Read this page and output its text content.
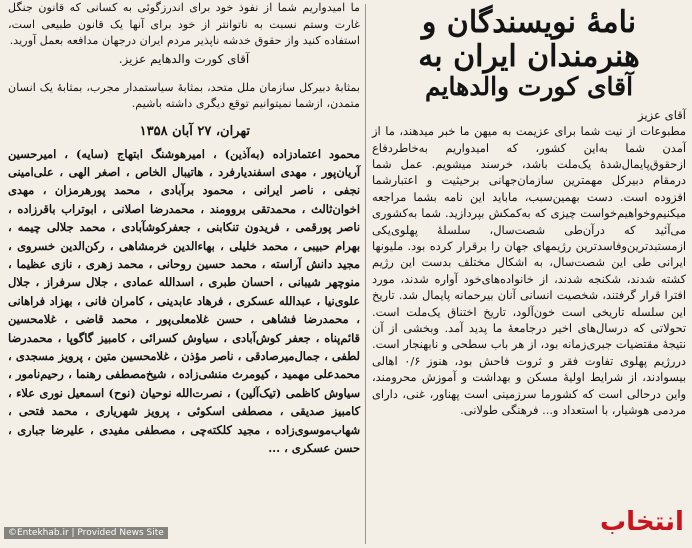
ما امیدواریم شما از نفوذ خود برای اندرزگوئی به کسانی که قانون جنگل غارت وستم نسبت به ناتوانتر از خود برای آنها یک قانون طبیعی است، استفاده کنید واز حقوق خدشه ناپذیر مردم ایران درجهان مدافعه بعمل آورید.

آقای کورت والدهایم عزیز.

بمثابهٔ دبیرکل سازمان ملل متحد، بمثابهٔ سیاستمدار مجرب، بمثابهٔ یک انسان متمدن، ازشما نمیتوانیم توقع دیگری داشته باشیم.

تهران، ۲۷ آبان ۱۳۵۸

محمود اعتمادزاده (به‌آذین) ، امیرهوشنگ ابتهاج (سایه) ، امیرحسین آریان‌پور ، مهدی اسفندیارفرد ، هاتیبال الخاص ، اصغر الهی ، علی‌امینی نجفی ، ناصر ایرانی ، محمود برآبادی ، محمد پورهرمزان ، مهدی اخوان‌ثالث ، محمدتقی بروومند ، محمدرضا اصلانی ، ابوتراب باقرزاده ، ناصر پورقمی ، فریدون تنکابنی ، جعفرکوشآبادی ، محمد جلالی چیمه ، بهرام حبیبی ، محمد خلیلی ، بهاءالدین خرمشاهی ، رکن‌الدین خسروی ، مجید دانش آراسته ، محمد حسین روحانی ، محمد زهری ، نازی عظیما ، منوچهر شیبانی ، احسان طبری ، اسدالله عمادی ، جلال سرفراز ، جلال علوی‌نیا ، عبدالله عسکری ، فرهاد عابدینی ، کامران فانی ، بهزاد فراهانی ، محمدرضا فشاهی ، حسن غلامعلی‌پور ، محمد قاضی ، غلامحسین قائم‌پناه ، جعفر کوش‌آبادی ، سیاوش کسرائی ، کامبیز گاگوپا ، محمدرضا لطفی ، جمال‌میرصادقی ، ناصر مؤذن ، غلامحسین متین ، پرویز مسجدی ، محمدعلی مهمید ، کیومرث منشی‌زاده ، شیخ‌مصطفی رهنما ، رحیم‌نامور ، سیاوش کاظمی (تیک‌آلین) ، نصرت‌الله نوحیان (نوح) اسمعیل نوری علاء ، کامبیز صدیقی ، مصطفی اسکوئی ، پرویز شهریاری ، محمد فتحی ، شهاب‌موسوی‌زاده ، مجید کلکته‌چی ، مصطفی مفیدی ، علیرضا جباری ، حسن عسکری ، ...

نامهٔ نویسندگان و

هنرمندان ایران به

آقای کورت والدهایم

آقای عزیز

مطبوعات از نیت شما برای عزیمت به میهن ما خبر میدهند، ما از آمدن شما به‌این کشور، که امیدواریم به‌خاطردفاع ازحقوق‌پایمال‌شدهٔ یک‌ملت باشد، خرسند میشویم. عمل شما درمقام دبیرکل مهمترین سازمان‌جهانی برحیثیت و اعتبارشما افزوده است. دست بهمین‌سبب، ماباید این نامه بشما مراجعه میکنیم‌وخواهیم‌خواست چیزی که به‌کمکش بپردازید. شما به‌کشوری می‌آئید که درآن‌طی شصت‌سال، سلسلهٔ پهلوی‌یکی ازمستبدترین‌وفاسدترین رژیمهای جهان را برقرار کرده بود. ملیونها ایرانی طی این شصت‌سال، به اشکال مختلف بدست این رژیم کشته شدند، شکنجه شدند، از خانواده‌های‌خود آواره شدند، مورد افترا قرار گرفتند، شخصیت انسانی آنان بیرحمانه پایمال شد. تاریخ این سلسله تاریخی است خون‌آلود، تاریخ اختناق یک‌ملت است. تحولاتی که درسال‌های اخیر درجامعهٔ ما پدید آمد. وبخشی از آن نتیجهٔ مقتضیات جبری‌زمانه بود، از هر باب سطحی و نابهنجار است. دررژیم پهلوی تفاوت فقر و ثروت فاحش بود، هنوز ۰/۶ اهالی بیسوادند، از شرایط اولیهٔ مسکن و بهداشت و آموزش محرومند، واین درحالی است که کشورما سرزمینی است پهناور، غنی، دارای مردمی هوشیار، با استعداد و... فرهنگی طولانی.

©Entekhab.ir | Provided News Site	انتخاب
